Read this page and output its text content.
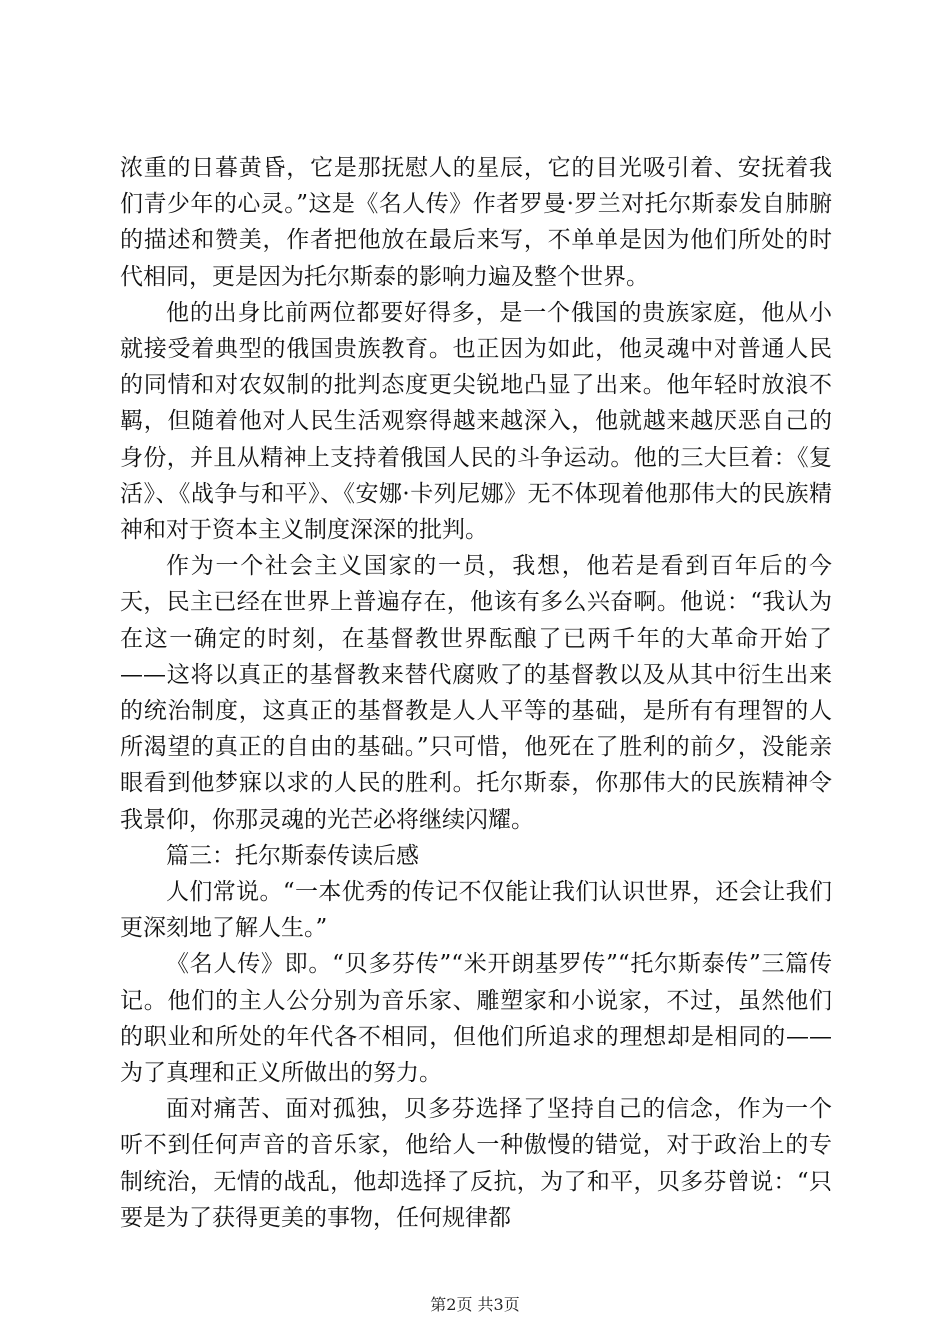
浓重的日暮黄昏，它是那抚慰人的星辰，它的目光吸引着、安抚着我们青少年的心灵。”这是《名人传》作者罗曼·罗兰对托尔斯泰发自肺腑的描述和赞美，作者把他放在最后来写，不单单是因为他们所处的时代相同，更是因为托尔斯泰的影响力遍及整个世界。

他的出身比前两位都要好得多，是一个俄国的贵族家庭，他从小就接受着典型的俄国贵族教育。也正因为如此，他灵魂中对普通人民的同情和对农奴制的批判态度更尖锐地凸显了出来。他年轻时放浪不羁，但随着他对人民生活观察得越来越深入，他就越来越厌恶自己的身份，并且从精神上支持着俄国人民的斗争运动。他的三大巨着：《复活》、《战争与和平》、《安娜·卡列尼娜》无不体现着他那伟大的民族精神和对于资本主义制度深深的批判。

作为一个社会主义国家的一员，我想，他若是看到百年后的今天，民主已经在世界上普遍存在，他该有多么兴奋啊。他说：“我认为在这一确定的时刻，在基督教世界酝酿了已两千年的大革命开始了——这将以真正的基督教来替代腐败了的基督教以及从其中衍生出来的统治制度，这真正的基督教是人人平等的基础，是所有有理智的人所渴望的真正的自由的基础。”只可惜，他死在了胜利的前夕，没能亲眼看到他梦寐以求的人民的胜利。托尔斯泰，你那伟大的民族精神令我景仰，你那灵魂的光芒必将继续闪耀。

篇三：托尔斯泰传读后感

人们常说。“一本优秀的传记不仅能让我们认识世界，还会让我们更深刻地了解人生。”

《名人传》即。“贝多芬传”“米开朗基罗传”“托尔斯泰传”三篇传记。他们的主人公分别为音乐家、雕塑家和小说家，不过，虽然他们的职业和所处的年代各不相同，但他们所追求的理想却是相同的——为了真理和正义所做出的努力。

面对痛苦、面对孤独，贝多芬选择了坚持自己的信念，作为一个听不到任何声音的音乐家，他给人一种傲慢的错觉，对于政治上的专制统治，无情的战乱，他却选择了反抗，为了和平，贝多芬曾说：“只要是为了获得更美的事物，任何规律都

第2页 共3页
